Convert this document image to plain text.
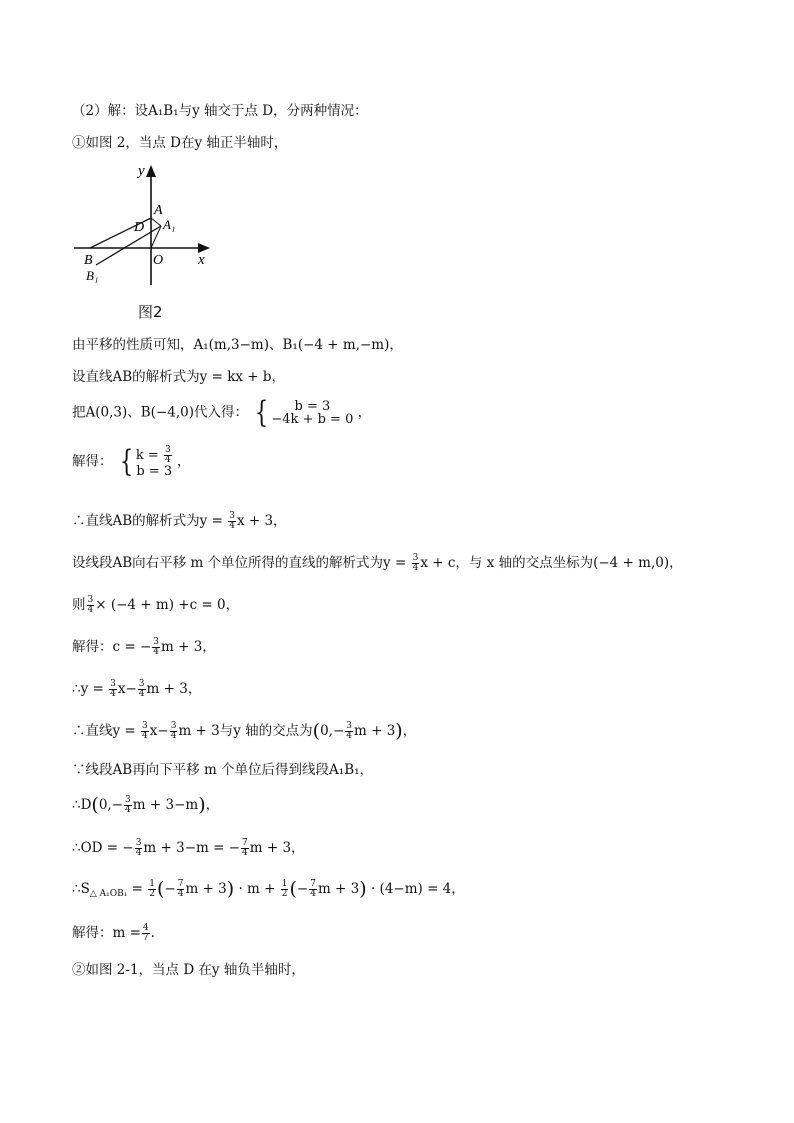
（2）解：设A₁B₁与y 轴交于点 D，分两种情况：
①如图 2，当点 D在y 轴正半轴时，
y
x
A
A₁
D
B
B₁
O
图2
由平移的性质可知，A₁(m,3−m)、B₁(−4 + m,−m)，
设直线AB的解析式为y = kx + b，
把A(0,3)、B(−4,0)代入得： {	b = 3
−4k + b = 0 ，
解得： { $k = \frac{3}{4}$
b = 3
，
∴直线AB的解析式为$y = \frac{3}{4}$ x + 3，
设线段AB向右平移 m 个单位所得的直线的解析式为$y = \frac{3}{4}$ x + c，与 x 轴的交点坐标为(−4 + m,0)，
则 $\frac{3}{4} \times (-4 + m) +c = 0$，
解得：c = − $\frac{3}{4}$ m + 3，
∴y = $\frac{3}{4} x- \frac{3}{4}$ m + 3，
∴直线$y = \frac{3}{4} x- \frac{3}{4}$ m + 3与y 轴的交点为($0,- \frac{3}{4}$ m + 3)，
∵线段AB再向下平移 m 个单位后得到线段A₁B₁，
∴D(0,− $\frac{3}{4}$ m + 3−m)，
∴OD = − $\frac{3}{4}$ m + 3−m = − $\frac{7}{4}$ m + 3，
$\therefore S_{\triangle A_1OB_1} = \frac{1}{2}$ (− $\frac{7}{4}$ $m + 3) \cdot m + \frac{1}{2}$ (− $\frac{7}{4}$ m + 3) · (4−m) = 4，
解得：$m = \frac{4}{7}$ .
②如图 2-1，当点 D 在y 轴负半轴时，
